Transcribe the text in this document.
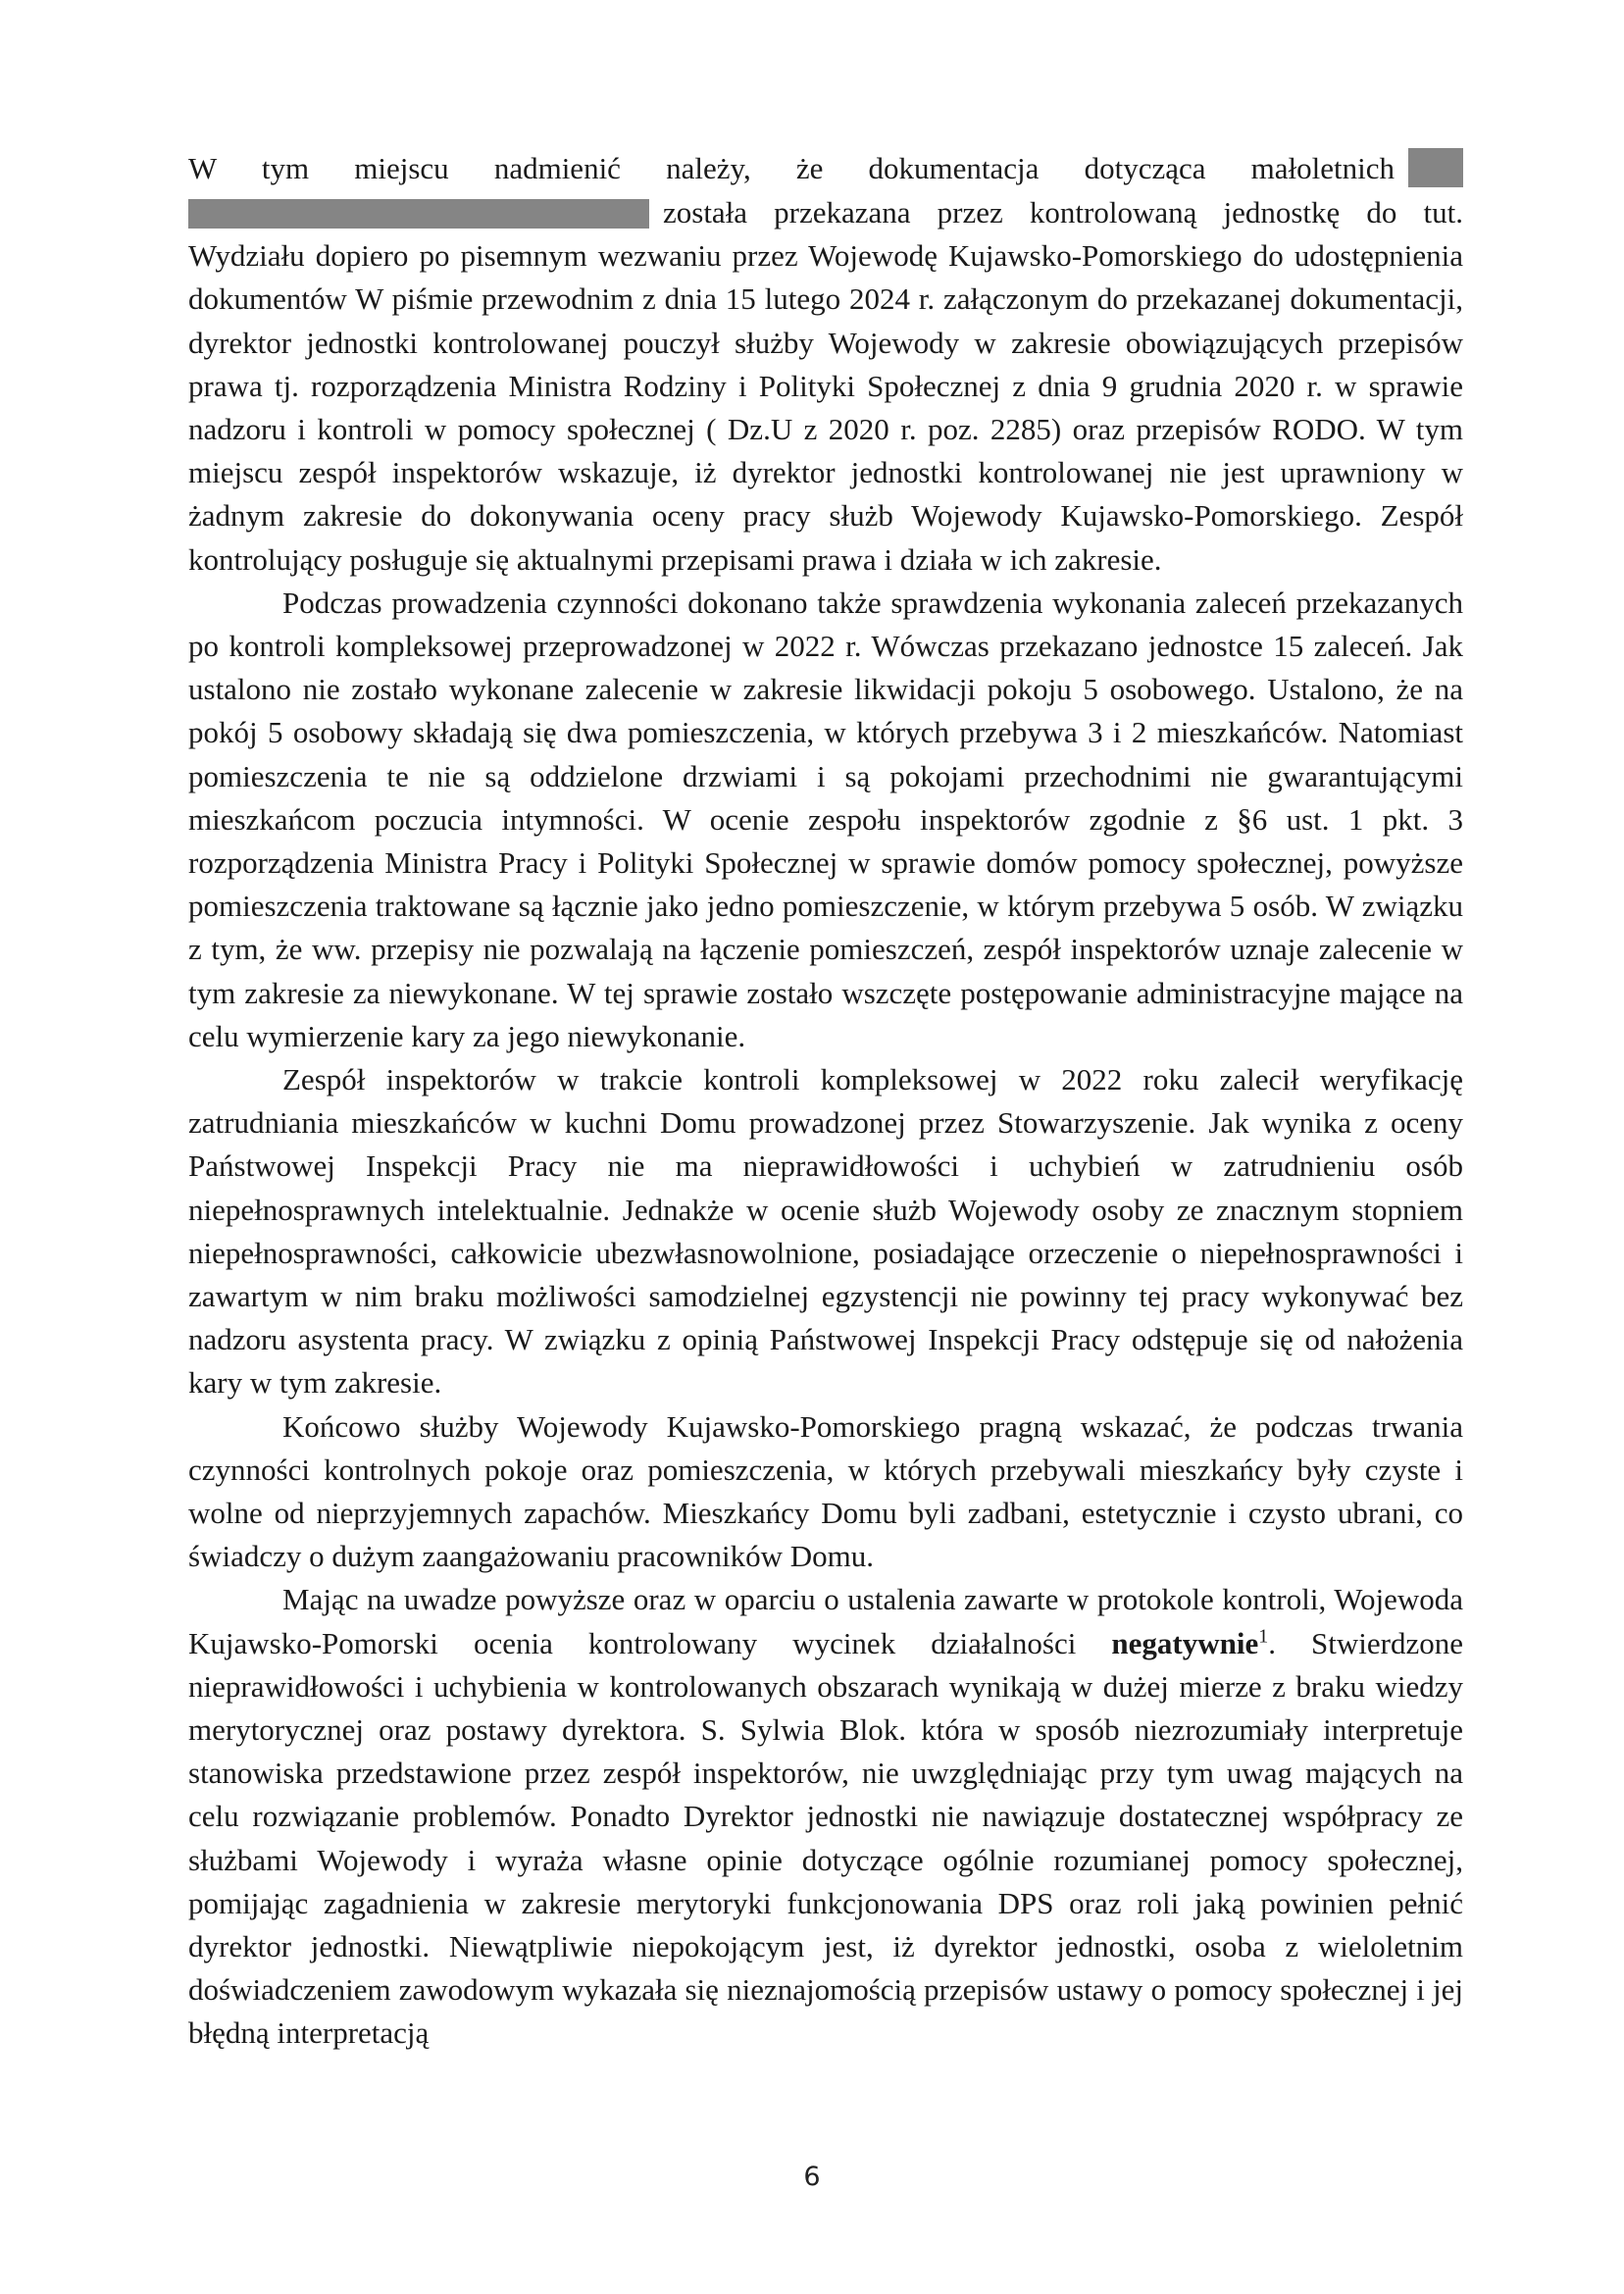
W tym miejscu nadmienić należy, że dokumentacja dotycząca małoletnich została przekazana przez kontrolowaną jednostkę do tut. Wydziału dopiero po pisemnym wezwaniu przez Wojewodę Kujawsko-Pomorskiego do udostępnienia dokumentów W piśmie przewodnim z dnia 15 lutego 2024 r. załączonym do przekazanej dokumentacji, dyrektor jednostki kontrolowanej pouczył służby Wojewody w zakresie obowiązujących przepisów prawa tj. rozporządzenia Ministra Rodziny i Polityki Społecznej z dnia 9 grudnia 2020 r. w sprawie nadzoru i kontroli w pomocy społecznej ( Dz.U z 2020 r. poz. 2285) oraz przepisów RODO. W tym miejscu zespół inspektorów wskazuje, iż dyrektor jednostki kontrolowanej nie jest uprawniony w żadnym zakresie do dokonywania oceny pracy służb Wojewody Kujawsko-Pomorskiego. Zespół kontrolujący posługuje się aktualnymi przepisami prawa i działa w ich zakresie.

Podczas prowadzenia czynności dokonano także sprawdzenia wykonania zaleceń przekazanych po kontroli kompleksowej przeprowadzonej w 2022 r. Wówczas przekazano jednostce 15 zaleceń. Jak ustalono nie zostało wykonane zalecenie w zakresie likwidacji pokoju 5 osobowego. Ustalono, że na pokój 5 osobowy składają się dwa pomieszczenia, w których przebywa 3 i 2 mieszkańców. Natomiast pomieszczenia te nie są oddzielone drzwiami i są pokojami przechodnimi nie gwarantującymi mieszkańcom poczucia intymności. W ocenie zespołu inspektorów zgodnie z §6 ust. 1 pkt. 3 rozporządzenia Ministra Pracy i Polityki Społecznej w sprawie domów pomocy społecznej, powyższe pomieszczenia traktowane są łącznie jako jedno pomieszczenie, w którym przebywa 5 osób. W związku z tym, że ww. przepisy nie pozwalają na łączenie pomieszczeń, zespół inspektorów uznaje zalecenie w tym zakresie za niewykonane. W tej sprawie zostało wszczęte postępowanie administracyjne mające na celu wymierzenie kary za jego niewykonanie.

Zespół inspektorów w trakcie kontroli kompleksowej w 2022 roku zalecił weryfikację zatrudniania mieszkańców w kuchni Domu prowadzonej przez Stowarzyszenie. Jak wynika z oceny Państwowej Inspekcji Pracy nie ma nieprawidłowości i uchybień w zatrudnieniu osób niepełnosprawnych intelektualnie. Jednakże w ocenie służb Wojewody osoby ze znacznym stopniem niepełnosprawności, całkowicie ubezwłasnowolnione, posiadające orzeczenie o niepełnosprawności i zawartym w nim braku możliwości samodzielnej egzystencji nie powinny tej pracy wykonywać bez nadzoru asystenta pracy. W związku z opinią Państwowej Inspekcji Pracy odstępuje się od nałożenia kary w tym zakresie.

Końcowo służby Wojewody Kujawsko-Pomorskiego pragną wskazać, że podczas trwania czynności kontrolnych pokoje oraz pomieszczenia, w których przebywali mieszkańcy były czyste i wolne od nieprzyjemnych zapachów. Mieszkańcy Domu byli zadbani, estetycznie i czysto ubrani, co świadczy o dużym zaangażowaniu pracowników Domu.

Mając na uwadze powyższe oraz w oparciu o ustalenia zawarte w protokole kontroli, Wojewoda Kujawsko-Pomorski ocenia kontrolowany wycinek działalności negatywnie$^1$. Stwierdzone nieprawidłowości i uchybienia w kontrolowanych obszarach wynikają w dużej mierze z braku wiedzy merytorycznej oraz postawy dyrektora. S. Sylwia Blok. która w sposób niezrozumiały interpretuje stanowiska przedstawione przez zespół inspektorów, nie uwzględniając przy tym uwag mających na celu rozwiązanie problemów. Ponadto Dyrektor jednostki nie nawiązuje dostatecznej współpracy ze służbami Wojewody i wyraża własne opinie dotyczące ogólnie rozumianej pomocy społecznej, pomijając zagadnienia w zakresie merytoryki funkcjonowania DPS oraz roli jaką powinien pełnić dyrektor jednostki. Niewątpliwie niepokojącym jest, iż dyrektor jednostki, osoba z wieloletnim doświadczeniem zawodowym wykazała się nieznajomością przepisów ustawy o pomocy społecznej i jej błędną interpretacją

6
